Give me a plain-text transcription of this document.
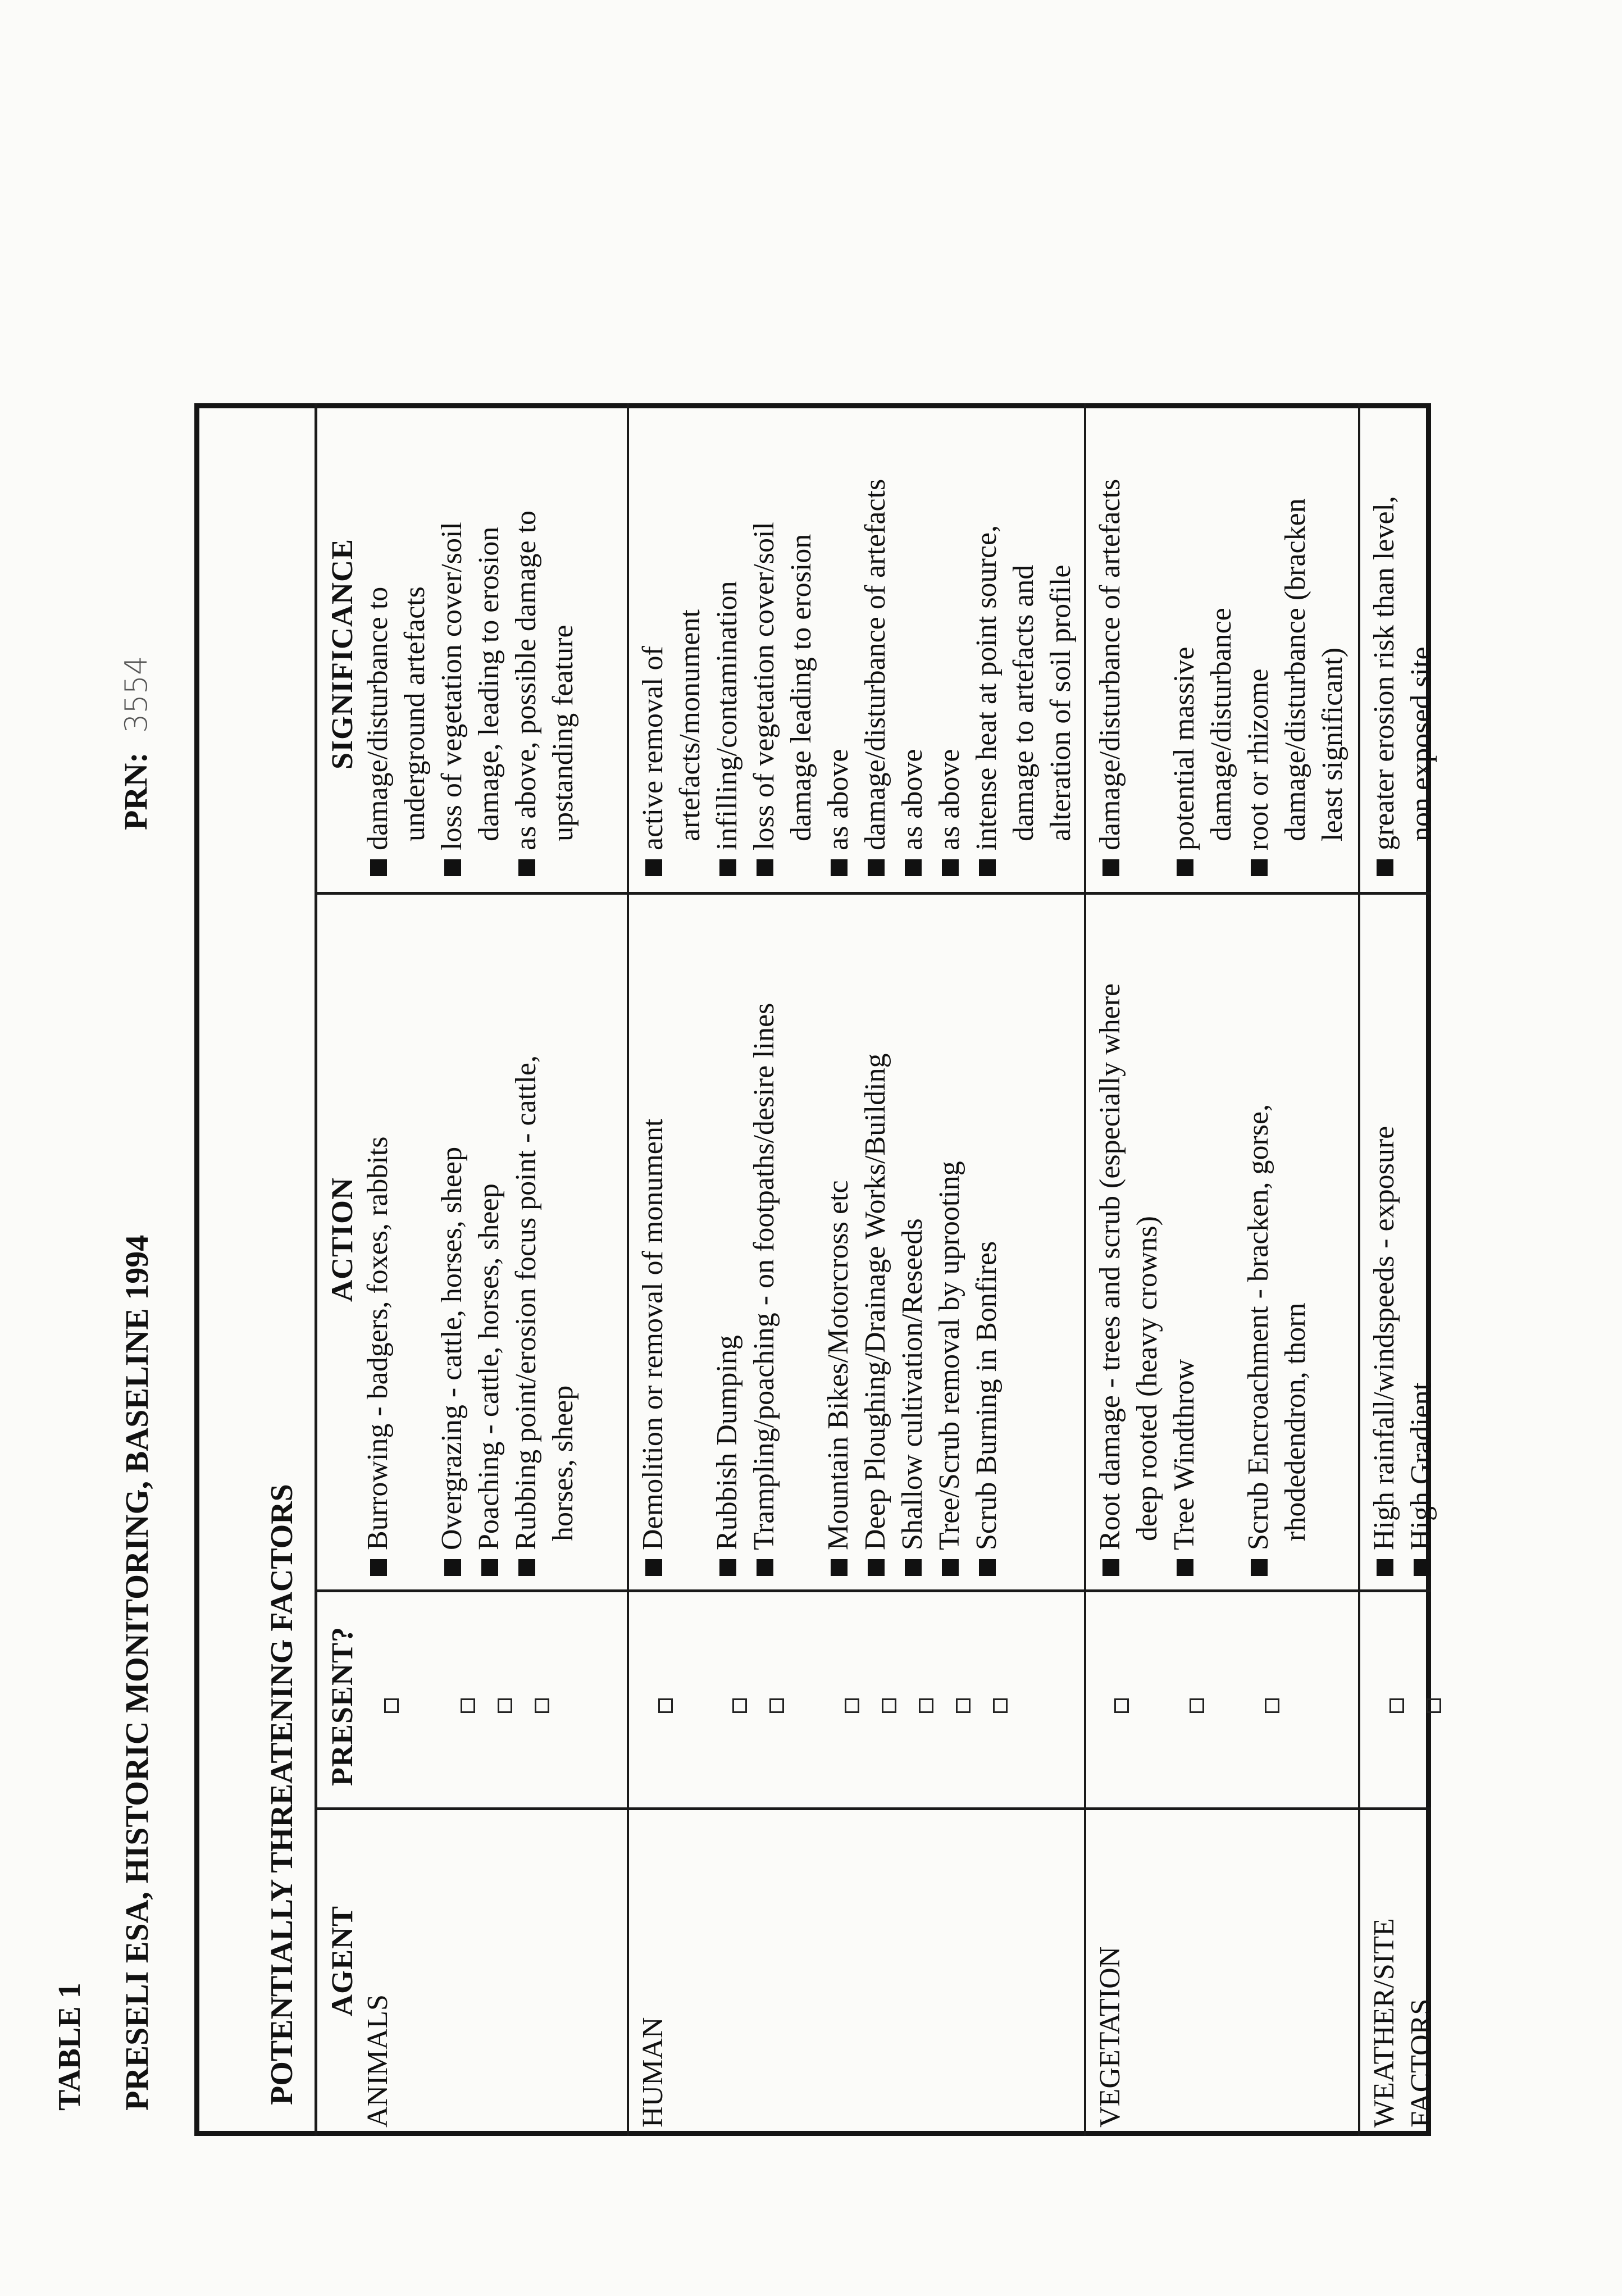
TABLE 1 PRESELI ESA, HISTORIC MONITORING, BASELINE 1994
PRN: 3554
POTENTIALLY THREATENING FACTORS AGENT
PRESENT?
ACTION
SIGNIFICANCE
ANIMALS
Burrowing - badgers, foxes, rabbits
Overgrazing - cattle, horses, sheep Poaching - cattle, horses, sheep Rubbing point/erosion focus point - cattle, horses, sheep
damage/disturbance to underground artefacts loss of vegetation cover/soil damage, leading to erosion as above, possible damage to upstanding feature
HUMAN
Demolition or removal of monument
Rubbish Dumping Trampling/poaching - on footpaths/desire lines
Mountain Bikes/Motorcross etc Deep Ploughing/Drainage Works/Building Shallow cultivation/Reseeds Tree/Scrub removal by uprooting Scrub Burning in Bonfires
active removal of artefacts/monument infilling/contamination loss of vegetation cover/soil damage leading to erosion as above damage/disturbance of artefacts as above as above intense heat at point source, damage to artefacts and alteration of soil profile
VEGETATION
Root damage - trees and scrub (especially where deep rooted (heavy crowns) Tree Windthrow
Scrub Encroachment - bracken, gorse, rhodedendron, thorn
damage/disturbance of artefacts
potential massive damage/disturbance root or rhizome damage/disturbance (bracken least significant)
WEATHER/SITE FACTORS
High rainfall/windspeeds - exposure High Gradient
greater erosion risk than level, non exposed site
